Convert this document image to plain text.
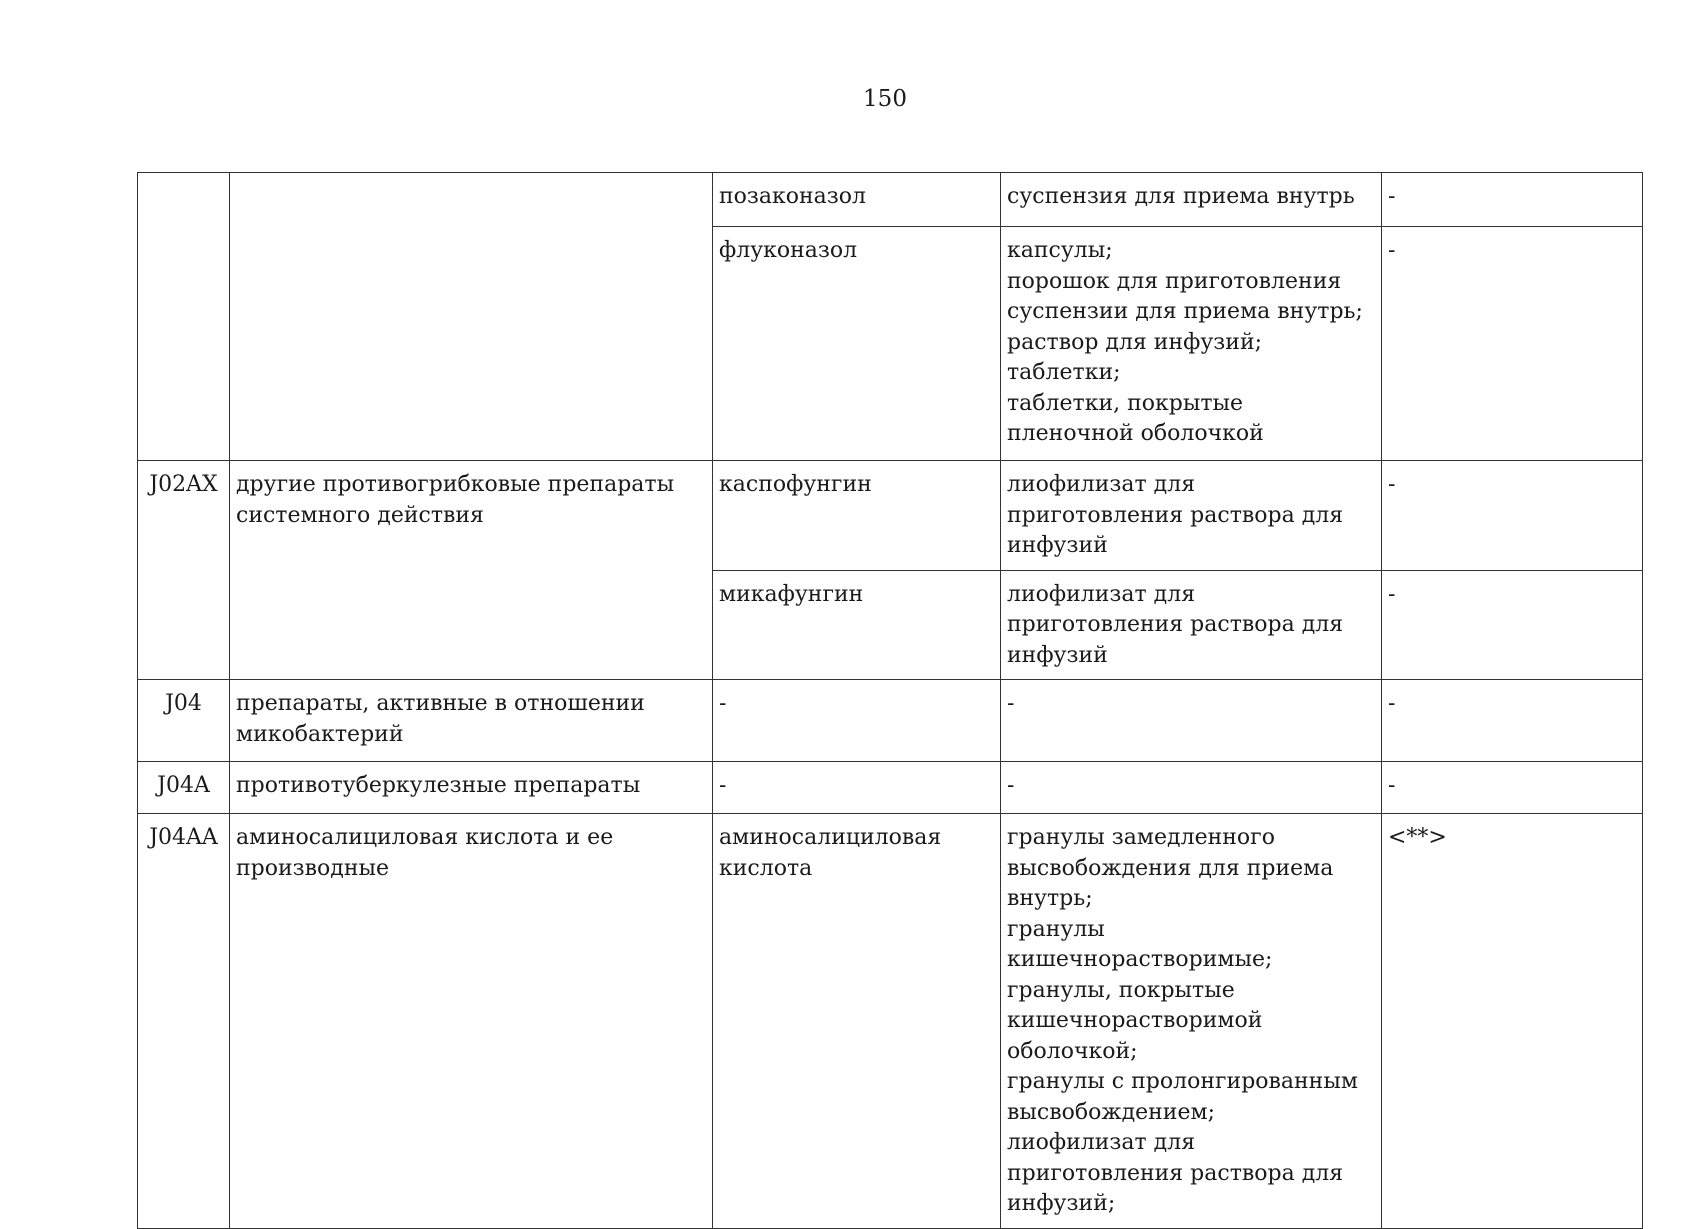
150
		позаконазол	суспензия для приема внутрь	-
		флуконазол	капсулы;
порошок для приготовления суспензии для приема внутрь;
раствор для инфузий;
таблетки;
таблетки, покрытые пленочной оболочкой	-
J02AX	другие противогрибковые препараты системного действия	каспофунгин	лиофилизат для приготовления раствора для инфузий	-
		микафунгин	лиофилизат для приготовления раствора для инфузий	-
J04	препараты, активные в отношении микобактерий	-	-	-
J04A	противотуберкулезные препараты	-	-	-
J04AA	аминосалициловая кислота и ее производные	аминосалициловая кислота	гранулы замедленного высвобождения для приема внутрь;
гранулы кишечнорастворимые;
гранулы, покрытые кишечнорастворимой оболочкой;
гранулы с пролонгированным высвобождением;
лиофилизат для приготовления раствора для инфузий;	<**>
